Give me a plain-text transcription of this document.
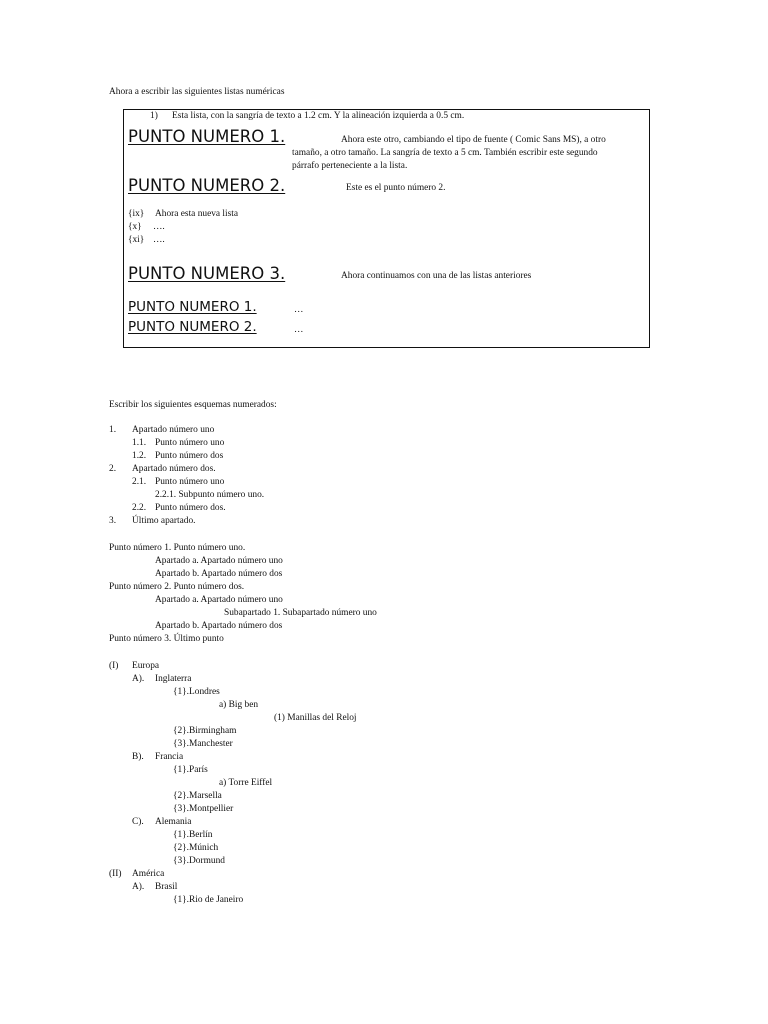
Ahora a escribir las siguientes listas numéricas
1) Esta lista, con la sangría de texto a 1.2 cm. Y la alineación izquierda a 0.5 cm.
PUNTO NUMERO 1.	Ahora este otro, cambiando el tipo de fuente ( Comic Sans MS), a otro
tamaño, a otro tamaño. La sangría de texto a 5 cm. También escribir este segundo
párrafo perteneciente a la lista.
PUNTO NUMERO 2.	Este es el punto número 2.
{ix} Ahora esta nueva lista
{x} ….
{xi} ….
PUNTO NUMERO 3.	Ahora continuamos con una de las listas anteriores
PUNTO NUMERO 1.	…
PUNTO NUMERO 2.	…
Escribir los siguientes esquemas numerados:
1. Apartado número uno
1.1. Punto número uno
1.2. Punto número dos
2. Apartado número dos.
2.1. Punto número uno
2.2.1. Subpunto número uno.
2.2. Punto número dos.
3. Último apartado.
Punto número 1. Punto número uno.
Apartado a. Apartado número uno
Apartado b. Apartado número dos
Punto número 2. Punto número dos.
Apartado a. Apartado número uno
Subapartado 1. Subapartado número uno
Apartado b. Apartado número dos
Punto número 3. Último punto
(I) Europa
A). Inglaterra
{1}.Londres
a) Big ben
(1) Manillas del Reloj
{2}.Birmingham
{3}.Manchester
B). Francia
{1}.París
a) Torre Eiffel
{2}.Marsella
{3}.Montpellier
C). Alemania
{1}.Berlín
{2}.Múnich
{3}.Dormund
(II) América
A). Brasil
{1}.Rio de Janeiro
